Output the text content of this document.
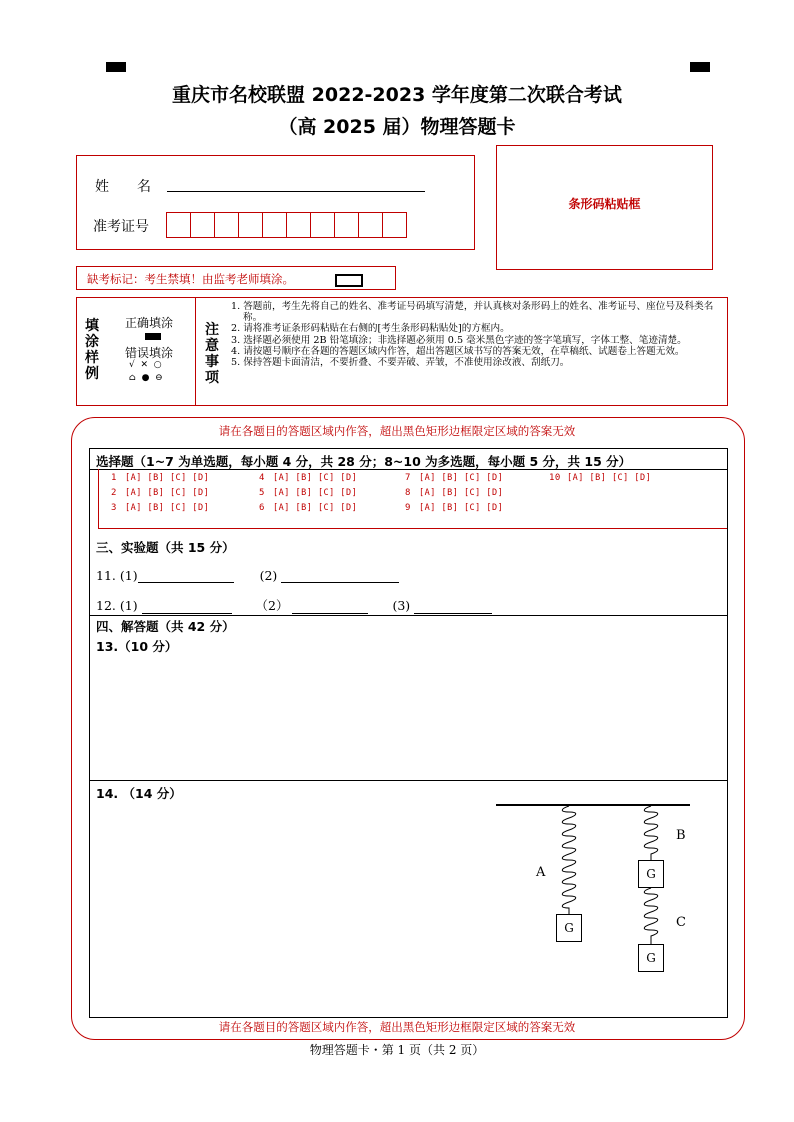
重庆市名校联盟 2022-2023 学年度第二次联合考试
（高 2025 届）物理答题卡
姓　　名
准考证号
条形码粘贴框
缺考标记：考生禁填！由监考老师填涂。
填涂样例
正确填涂
错误填涂
√  ✕  ○
⌂  ●  ⊖
注意事项
1. 答题前，考生先将自己的姓名、准考证号码填写清楚，并认真核对条形码上的姓名、准考证号、座位号及科类名称。
2. 请将准考证条形码粘贴在右侧的[考生条形码粘贴处]的方框内。
3. 选择题必须使用 2B 铅笔填涂；非选择题必须用 0.5 毫米黑色字迹的签字笔填写，字体工整、笔迹清楚。
4. 请按题号顺序在各题的答题区域内作答，超出答题区域书写的答案无效，在草稿纸、试题卷上答题无效。
5. 保持答题卡面清洁，不要折叠、不要弄破、弄皱，不准使用涂改液、刮纸刀。
请在各题目的答题区域内作答，超出黑色矩形边框限定区域的答案无效
请在各题目的答题区域内作答，超出黑色矩形边框限定区域的答案无效
选择题（1~7 为单选题，每小题 4 分，共 28 分；8~10 为多选题，每小题 5 分，共 15 分）
1 [A] [B] [C] [D]	4 [A] [B] [C] [D]	7 [A] [B] [C] [D]	10 [A] [B] [C] [D]
2 [A] [B] [C] [D]	5 [A] [B] [C] [D]	8 [A] [B] [C] [D]
3 [A] [B] [C] [D]	6 [A] [B] [C] [D]	9 [A] [B] [C] [D]
三、实验题（共 15 分）
11. (1)	(2)
12. (1)	（2）	(3)
四、解答题（共 42 分）
13.（10 分）
14. （14 分）
G
A	G
B
G
C
物理答题卡・第 1 页（共 2 页）
